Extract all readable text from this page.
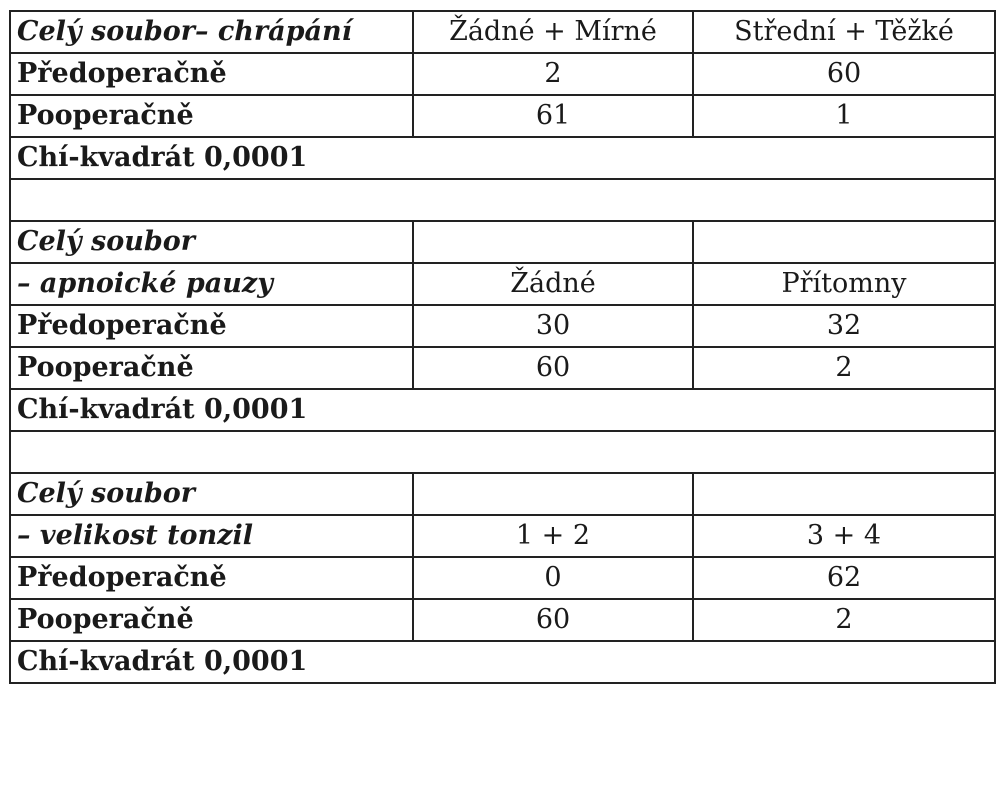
Celý soubor– chrápání	Žádné + Mírné	Střední + Těžké
Předoperačně	2	60
Pooperačně	61	1
Chí-kvadrát 0,0001		

Celý soubor		
– apnoické pauzy	Žádné	Přítomny
Předoperačně	30	32
Pooperačně	60	2
Chí-kvadrát 0,0001		

Celý soubor		
– velikost tonzil	1 + 2	3 + 4
Předoperačně	0	62
Pooperačně	60	2
Chí-kvadrát 0,0001		
